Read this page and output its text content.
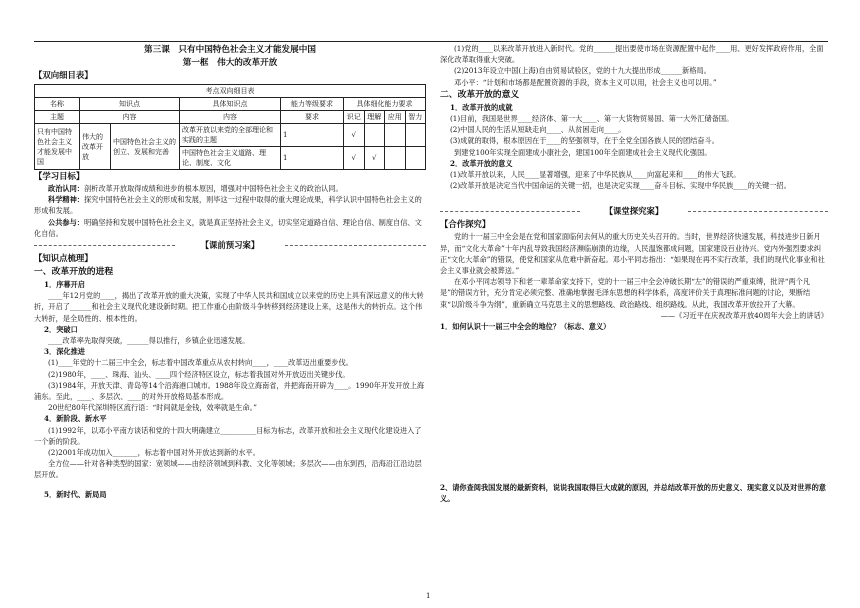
第三课　只有中国特色社会主义才能发展中国
第一框　伟大的改革开放
【双向细目表】
考点双向细目表								
名称	知识点		具体知识点	能力等级要求	具体细化能力要求			
主题	内容		内容	要求	识记	理解	应用	智力
只有中国特色社会主义才能发展中国	伟大的改革开放	中国特色社会主义的创立、发展和完善	改革开放以来党的全部理论和实践的主题	1	√			
			中国特色社会主义道路、理论、制度、文化	1	√	√		
【学习目标】

政治认同：剖析改革开放取得成绩和进步的根本原因，增强对中国特色社会主义的政治认同。

科学精神：探究中国特色社会主义的形成和发展，则毕这一过程中取得的重大理论成果，科学认识中国特色社会主义的形成和发展。

公共参与：明确坚持和发展中国特色社会主义，就是真正坚持社会主义，切实坚定道路自信、理论自信、制度自信、文化自信。

【课前预习案】
【知识点梳理】
一、改革开放的进程

1．序幕开启

____年12月党的____，揭出了改革开放的重大决策，实现了中华人民共和国成立以来党的历史上具有深远意义的伟大转折，开启了______和社会主义现代化建设新时期。把工作重心由阶级斗争转移到经济建设上来，这是伟大的转折点。这个伟大转折，是全局性的、根本性的。

2．突破口

____改革率先取得突破，______得以推行，乡镇企业迅速发展。

3．深化推进

(1)____年党的十二届三中全会，标志着中国改革重点从农村转向____，____改革迈出重要步伐。

(2)1980年，____、珠海、汕头、____四个经济特区设立，标志着我国对外开放迈出关键步伐。

(3)1984年，开放天津、青岛等14个沿海港口城市。1988年设立海南省，并把海南开辟为____。1990年开发开放上海浦东。至此，____、多层次、____的对外开放格局基本形成。

20世纪80年代深圳特区流行语：“时间就是金钱，效率就是生命。”

4．新阶段、新水平

(1)1992年，以邓小平南方谈话和党的十四大明确建立__________目标为标志，改革开放和社会主义现代化建设进入了一个新的阶段。

(2)2001年成功加入_______，标志着中国对外开放达到新的水平。

全方位——针对各种类型的国家：宽领域——由经济领域到科教、文化等领域；多层次——由东到西，沿海沿江沿边层层开放。

5．新时代、新局局

(1)党的____以来改革开放进入新时代。党的______提出要使市场在资源配置中起作____用、更好发挥政府作用，全面深化改革取得重大突破。

(2)2013年设立中国(上海)自由贸易试验区，党的十九大提出形成______新格局。

邓小平：“计划和市场都是配置资源的手段，资本主义可以用，社会主义也可以用。”

二、改革开放的意义

1．改革开放的成就

(1)目前，我国是世界____经济体、第一大____、第一大货物贸易国、第一大外汇储备国。

(2)中国人民的生活从短缺走向____、从贫困走向____。

(3)成就的取得，根本原因在于____的坚强领导，在于全党全国各族人民的团结奋斗。

到建党100年实现全面建成小康社会，建国100年全面建成社会主义现代化强国。

2．改革开放的意义

(1)改革开放以来，人民____显著增强，迎来了中华民族从____向富起来和____的伟大飞跃。

(2)改革开放是决定当代中国命运的关键一招，也是决定实现____奋斗目标、实现中华民族____的关键一招。

【课堂探究案】
【合作探究】

党的十一届三中全会是在党和国家面临何去何从的重大历史关头召开的。当时，世界经济快速发展，科技进步日新月异，而“文化大革命”十年内乱导致我国经济濒临崩溃的边缘，人民温饱都成问题，国家建设百业待兴。党内外强烈要求纠正“文化大革命”的错误，使党和国家从危难中新奋起。邓小平同志指出：“如果现在再不实行改革，我们的现代化事业和社会主义事业就会被葬送。”

在邓小平同志领导下和老一辈革命家支持下，党的十一届三中全会冲破长期“左”的错误的严重束缚，批评“两个凡是”的错误方针，充分肯定必须完整、准确地掌握毛泽东思想的科学体系，高度评价关于真理标准问题的讨论，果断结束“以阶级斗争为纲”，重新确立马克思主义的思想路线、政治路线、组织路线。从此，我国改革开放拉开了大幕。

——《习近平在庆祝改革开放40周年大会上的讲话》

1．如何认识十一届三中全会的地位？（标志、意义）

2、请你查阅我国发展的最新资料，说说我国取得巨大成就的原因，并总结改革开放的历史意义、现实意义以及对世界的意义。

1
